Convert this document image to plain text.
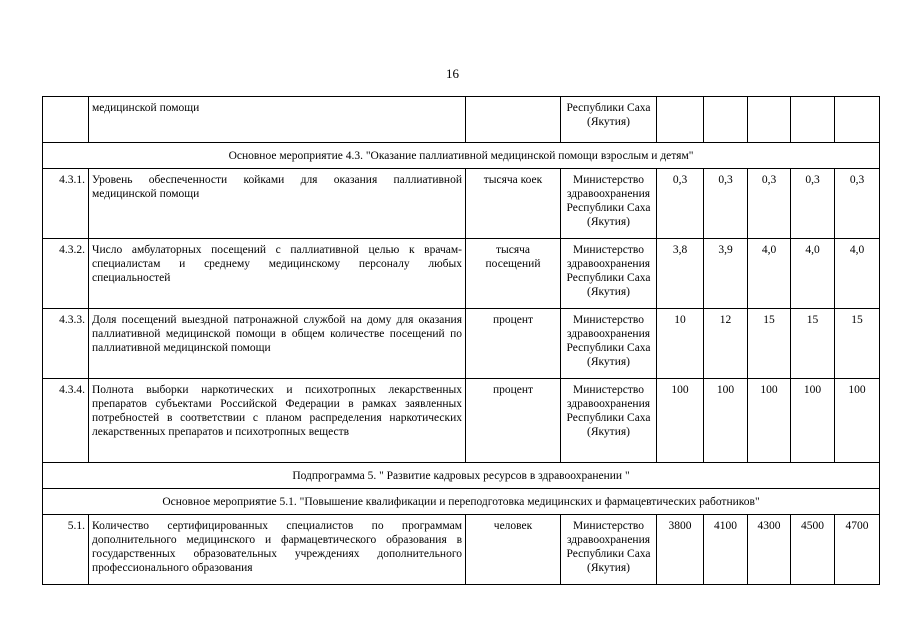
16
	медицинской помощи		Республики Саха (Якутия)					
Основное мероприятие 4.3. "Оказание паллиативной медицинской помощи взрослым и детям"								
4.3.1.	Уровень обеспеченности койками для оказания паллиативной медицинской помощи	тысяча коек	Министерство здравоохранения Республики Саха (Якутия)	0,3	0,3	0,3	0,3	0,3
4.3.2.	Число амбулаторных посещений с паллиативной целью к врачам-специалистам и среднему медицинскому персоналу любых специальностей	тысяча посещений	Министерство здравоохранения Республики Саха (Якутия)	3,8	3,9	4,0	4,0	4,0
4.3.3.	Доля посещений выездной патронажной службой на дому для оказания паллиативной медицинской помощи в общем количестве посещений по паллиативной медицинской помощи	процент	Министерство здравоохранения Республики Саха (Якутия)	10	12	15	15	15
4.3.4.	Полнота выборки наркотических и психотропных лекарственных препаратов субъектами Российской Федерации в рамках заявленных потребностей в соответствии с планом распределения наркотических лекарственных препаратов и психотропных веществ	процент	Министерство здравоохранения Республики Саха (Якутия)	100	100	100	100	100
Подпрограмма 5. " Развитие кадровых ресурсов в здравоохранении "								
Основное мероприятие 5.1. "Повышение квалификации и переподготовка медицинских и фармацевтических работников"								
5.1.	Количество сертифицированных специалистов по программам дополнительного медицинского и фармацевтического образования в государственных образовательных учреждениях дополнительного профессионального образования	человек	Министерство здравоохранения Республики Саха (Якутия)	3800	4100	4300	4500	4700
